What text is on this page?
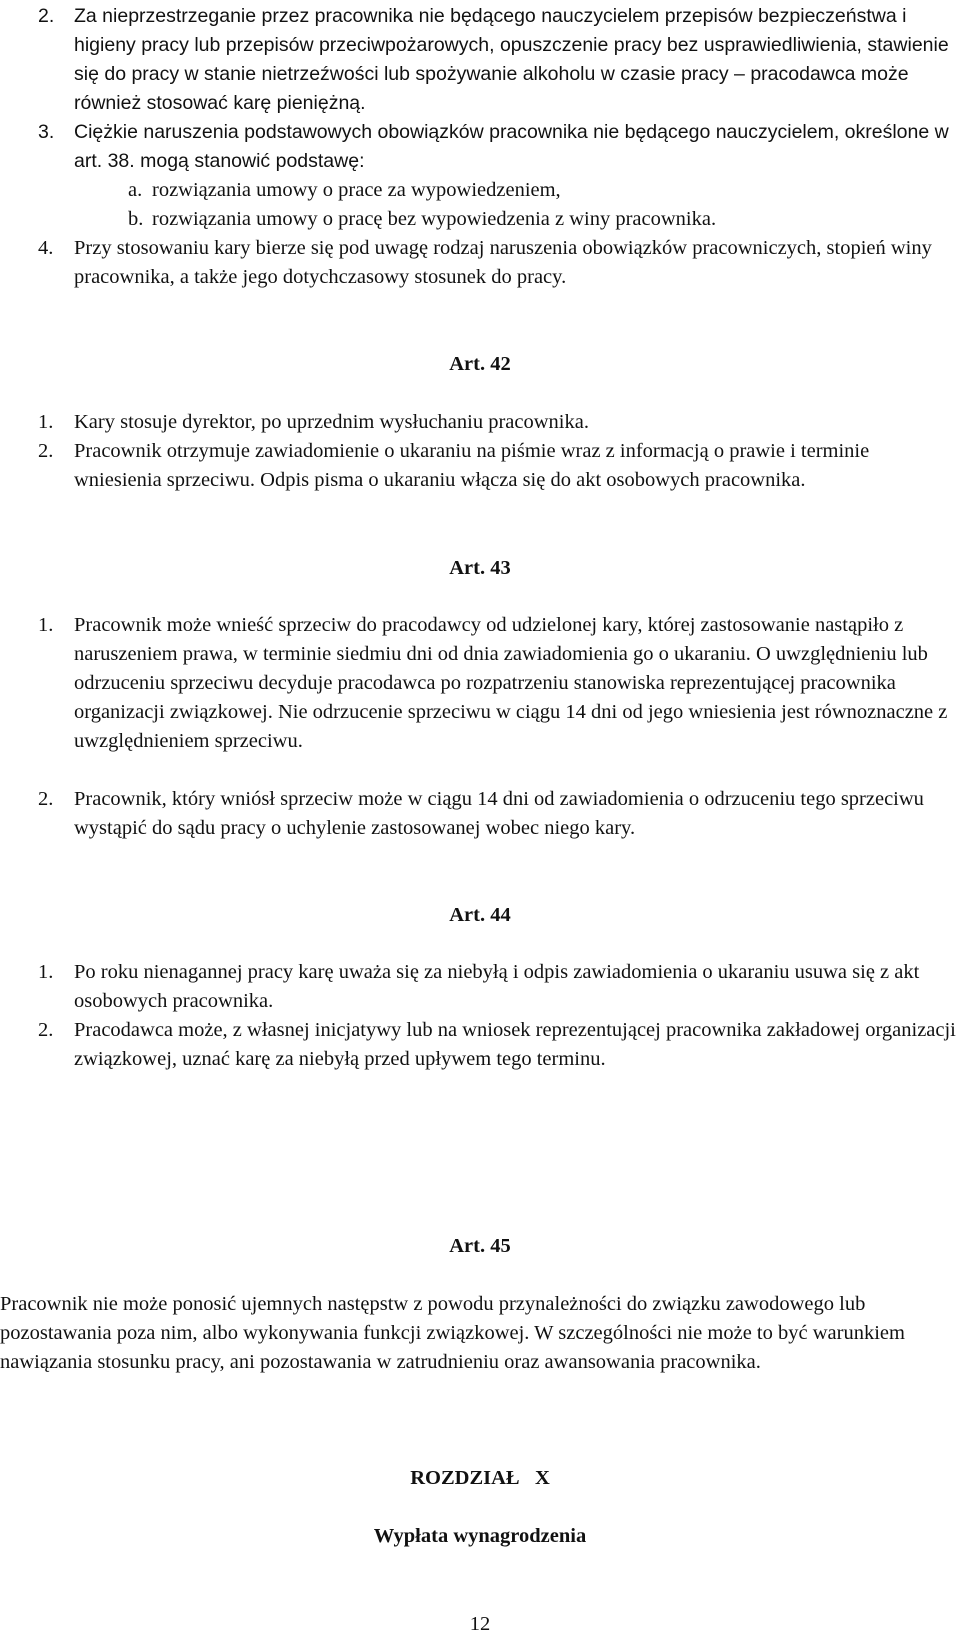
2.	Za nieprzestrzeganie przez pracownika nie będącego nauczycielem przepisów bezpieczeństwa i higieny pracy lub przepisów przeciwpożarowych, opuszczenie pracy bez usprawiedliwienia, stawienie się do pracy w stanie nietrzeźwości lub spożywanie alkoholu w czasie pracy – pracodawca może również stosować karę pieniężną.
3.	Ciężkie naruszenia podstawowych obowiązków pracownika nie będącego nauczycielem, określone w art. 38. mogą stanowić podstawę:
a. rozwiązania umowy o prace za wypowiedzeniem,
b. rozwiązania umowy o pracę bez wypowiedzenia z winy pracownika.
4.	Przy stosowaniu kary bierze się pod uwagę rodzaj naruszenia obowiązków pracowniczych, stopień winy pracownika, a także jego dotychczasowy stosunek do pracy.
Art. 42
1.	Kary stosuje dyrektor, po uprzednim wysłuchaniu pracownika.
2.	Pracownik otrzymuje zawiadomienie o ukaraniu na piśmie wraz z informacją o prawie i terminie wniesienia sprzeciwu. Odpis pisma o ukaraniu włącza się do akt osobowych pracownika.
Art. 43
1.	Pracownik może wnieść sprzeciw do pracodawcy od udzielonej kary, której zastosowanie nastąpiło z naruszeniem prawa, w terminie siedmiu dni od dnia zawiadomienia go o ukaraniu. O uwzględnieniu lub odrzuceniu sprzeciwu decyduje pracodawca po rozpatrzeniu stanowiska reprezentującej pracownika organizacji związkowej. Nie odrzucenie sprzeciwu w ciągu 14 dni od jego wniesienia jest równoznaczne z uwzględnieniem sprzeciwu.
2.	Pracownik, który wniósł sprzeciw może w ciągu 14 dni od zawiadomienia o odrzuceniu tego sprzeciwu wystąpić do sądu pracy o uchylenie zastosowanej wobec niego kary.
Art. 44
1.	Po roku nienagannej pracy karę uważa się za niebyłą i odpis zawiadomienia o ukaraniu usuwa się z akt osobowych pracownika.
2.	Pracodawca może, z własnej inicjatywy lub na wniosek reprezentującej pracownika zakładowej organizacji związkowej, uznać karę za niebyłą przed upływem tego terminu.
Art. 45

Pracownik nie może ponosić ujemnych następstw z powodu przynależności do związku zawodowego lub pozostawania poza nim, albo wykonywania funkcji związkowej. W szczególności nie może to być warunkiem nawiązania stosunku pracy, ani pozostawania w zatrudnieniu oraz awansowania pracownika.

ROZDZIAŁ   X
Wypłata wynagrodzenia

12
